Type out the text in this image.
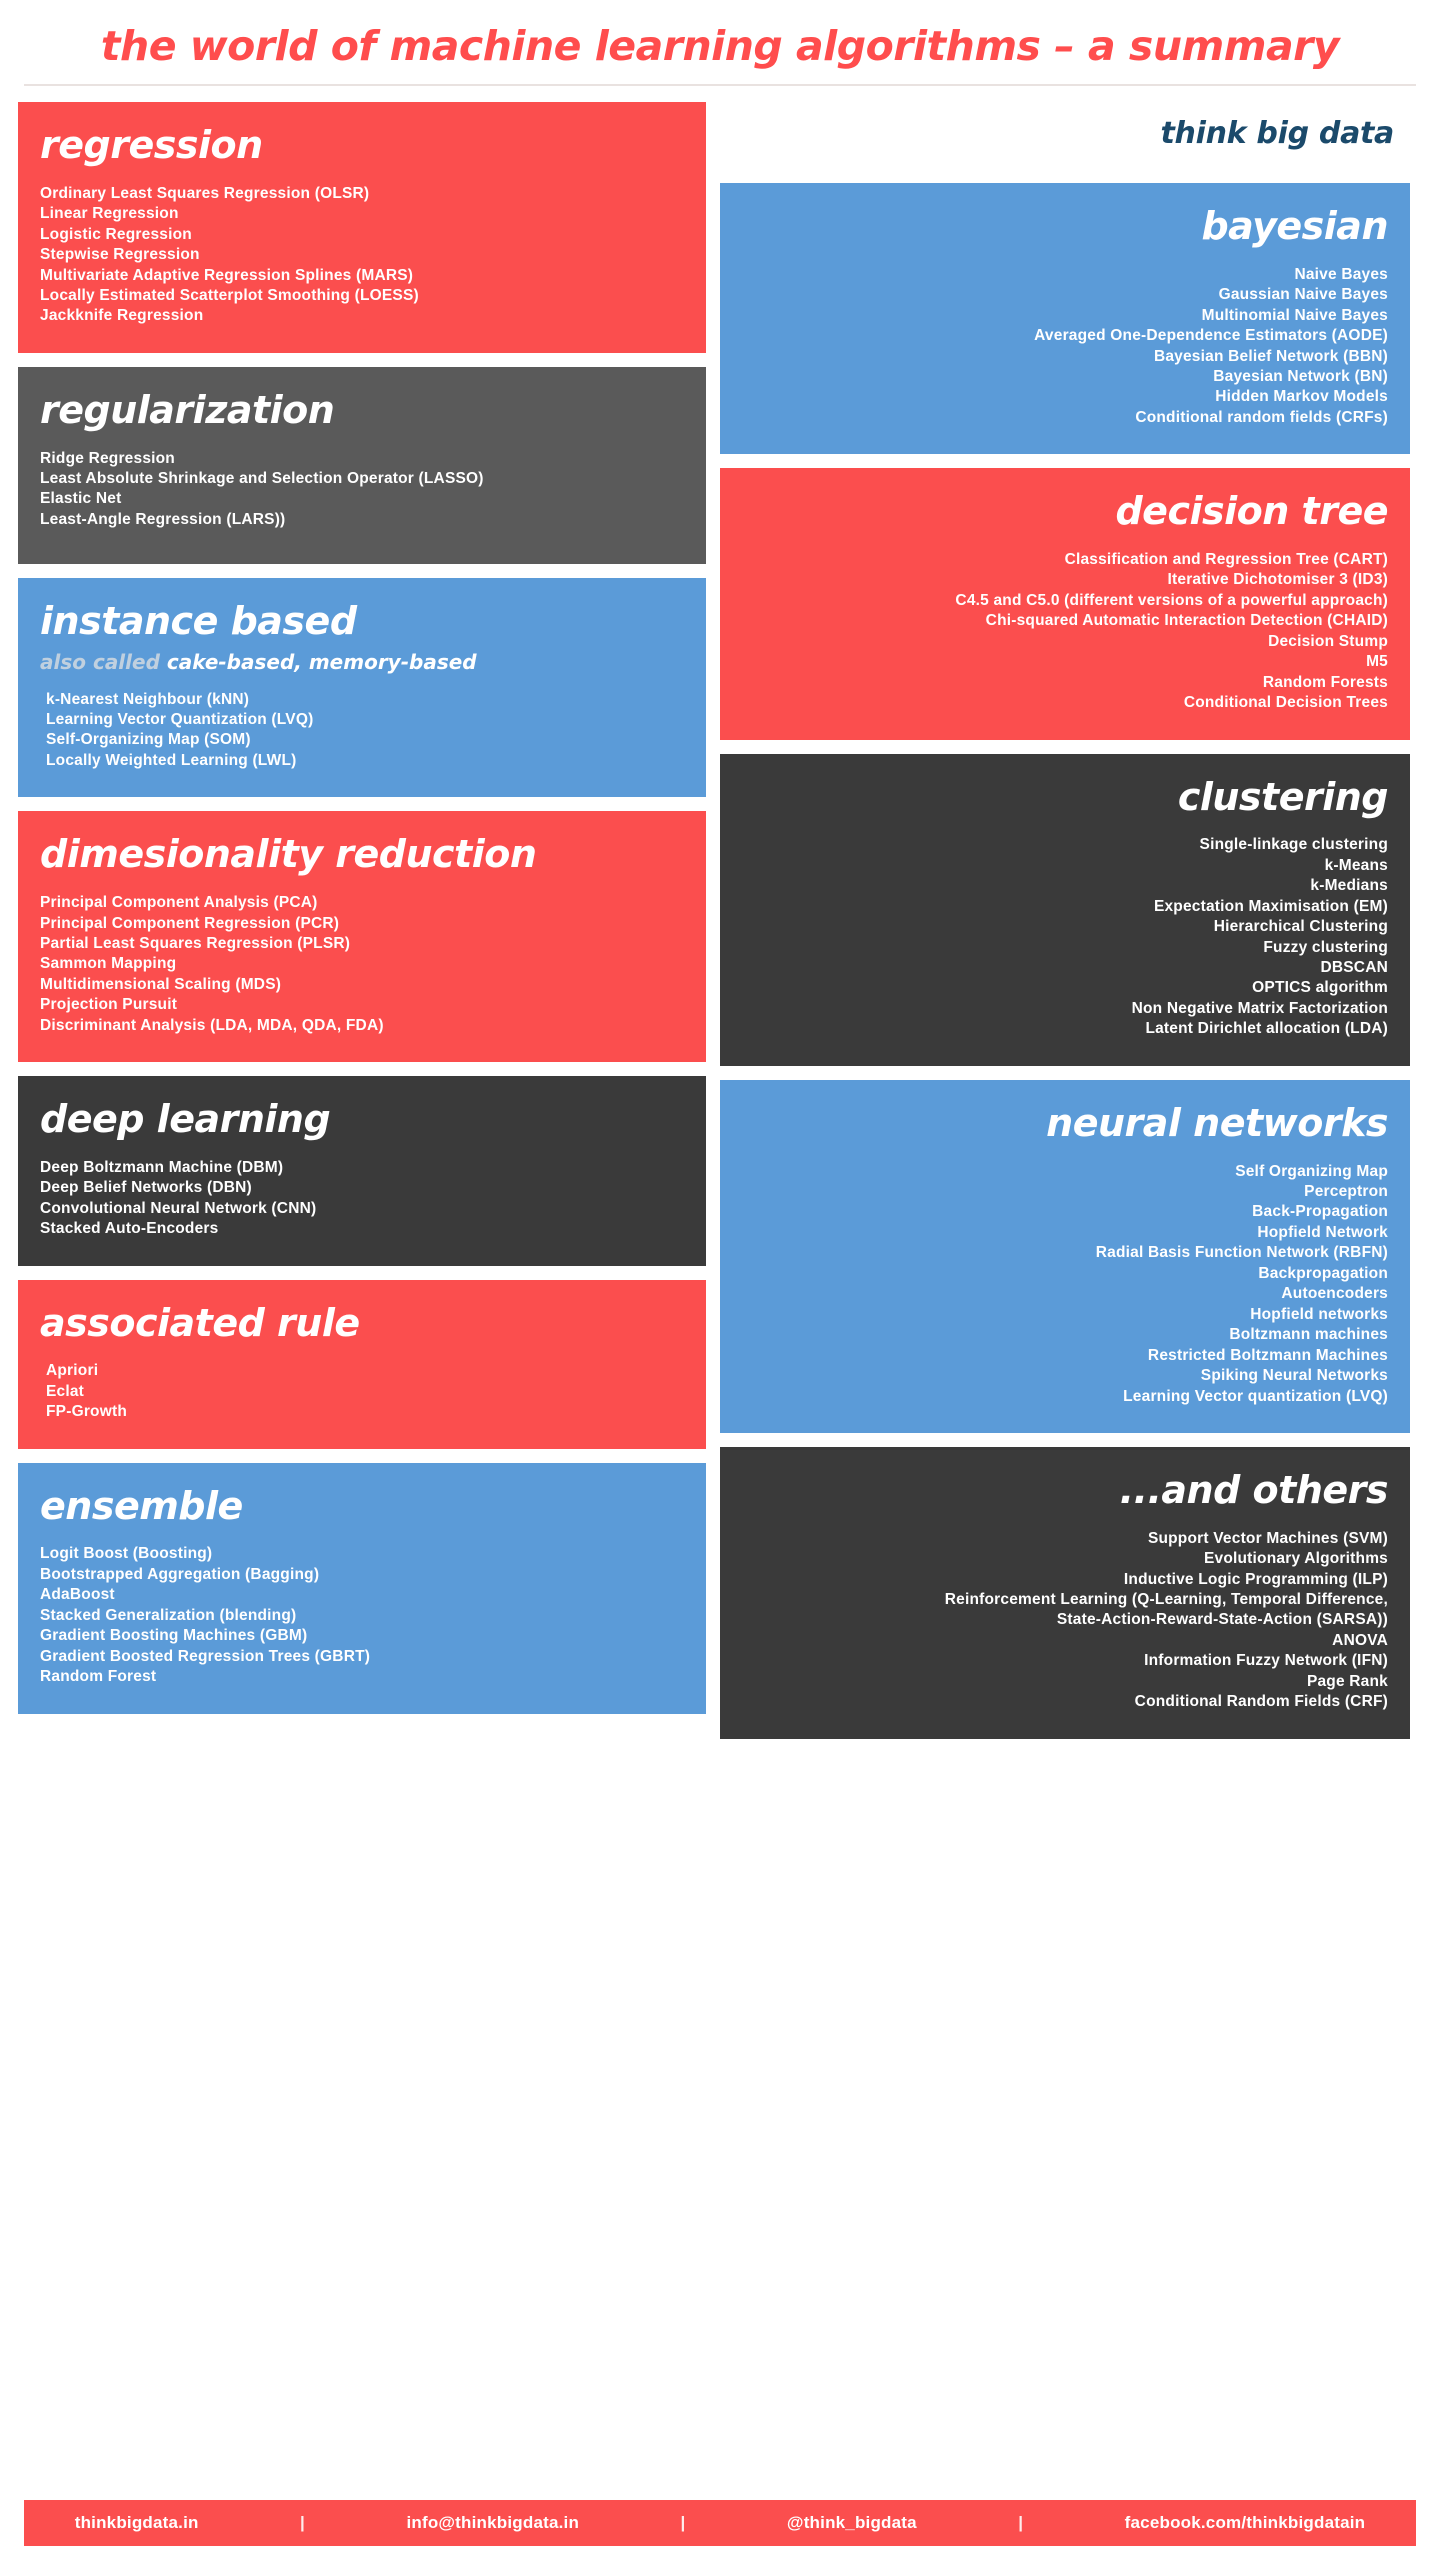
the world of machine learning algorithms – a summary
regression
Ordinary Least Squares Regression (OLSR)
Linear Regression
Logistic Regression
Stepwise Regression
Multivariate Adaptive Regression Splines (MARS)
Locally Estimated Scatterplot Smoothing (LOESS)
Jackknife Regression
regularization
Ridge Regression
Least Absolute Shrinkage and Selection Operator (LASSO)
Elastic Net
Least-Angle Regression (LARS))
instance based
also called cake-based, memory-based
k-Nearest Neighbour (kNN)
Learning Vector Quantization (LVQ)
Self-Organizing Map (SOM)
Locally Weighted Learning (LWL)
dimesionality reduction
Principal Component Analysis (PCA)
Principal Component Regression (PCR)
Partial Least Squares Regression (PLSR)
Sammon Mapping
Multidimensional Scaling (MDS)
Projection Pursuit
Discriminant Analysis (LDA, MDA, QDA, FDA)
deep learning
Deep Boltzmann Machine (DBM)
Deep Belief Networks (DBN)
Convolutional Neural Network (CNN)
Stacked Auto-Encoders
associated rule
Apriori
Eclat
FP-Growth
ensemble
Logit Boost (Boosting)
Bootstrapped Aggregation (Bagging)
AdaBoost
Stacked Generalization (blending)
Gradient Boosting Machines (GBM)
Gradient Boosted Regression Trees (GBRT)
Random Forest
think big data
bayesian
Naive Bayes
Gaussian Naive Bayes
Multinomial Naive Bayes
Averaged One-Dependence Estimators (AODE)
Bayesian Belief Network (BBN)
Bayesian Network (BN)
Hidden Markov Models
Conditional random fields (CRFs)
decision tree
Classification and Regression Tree (CART)
Iterative Dichotomiser 3 (ID3)
C4.5 and C5.0 (different versions of a powerful approach)
Chi-squared Automatic Interaction Detection (CHAID)
Decision Stump
M5
Random Forests
Conditional Decision Trees
clustering
Single-linkage clustering
k-Means
k-Medians
Expectation Maximisation (EM)
Hierarchical Clustering
Fuzzy clustering
DBSCAN
OPTICS algorithm
Non Negative Matrix Factorization
Latent Dirichlet allocation (LDA)
neural networks
Self Organizing Map
Perceptron
Back-Propagation
Hopfield Network
Radial Basis Function Network (RBFN)
Backpropagation
Autoencoders
Hopfield networks
Boltzmann machines
Restricted Boltzmann Machines
Spiking Neural Networks
Learning Vector quantization (LVQ)
...and others
Support Vector Machines (SVM)
Evolutionary Algorithms
Inductive Logic Programming (ILP)
Reinforcement Learning (Q-Learning, Temporal Difference,
State-Action-Reward-State-Action (SARSA))
ANOVA
Information Fuzzy Network (IFN)
Page Rank
Conditional Random Fields (CRF)
thinkbigdata.in	|	info@thinkbigdata.in	|	@think_bigdata	|	facebook.com/thinkbigdatain
